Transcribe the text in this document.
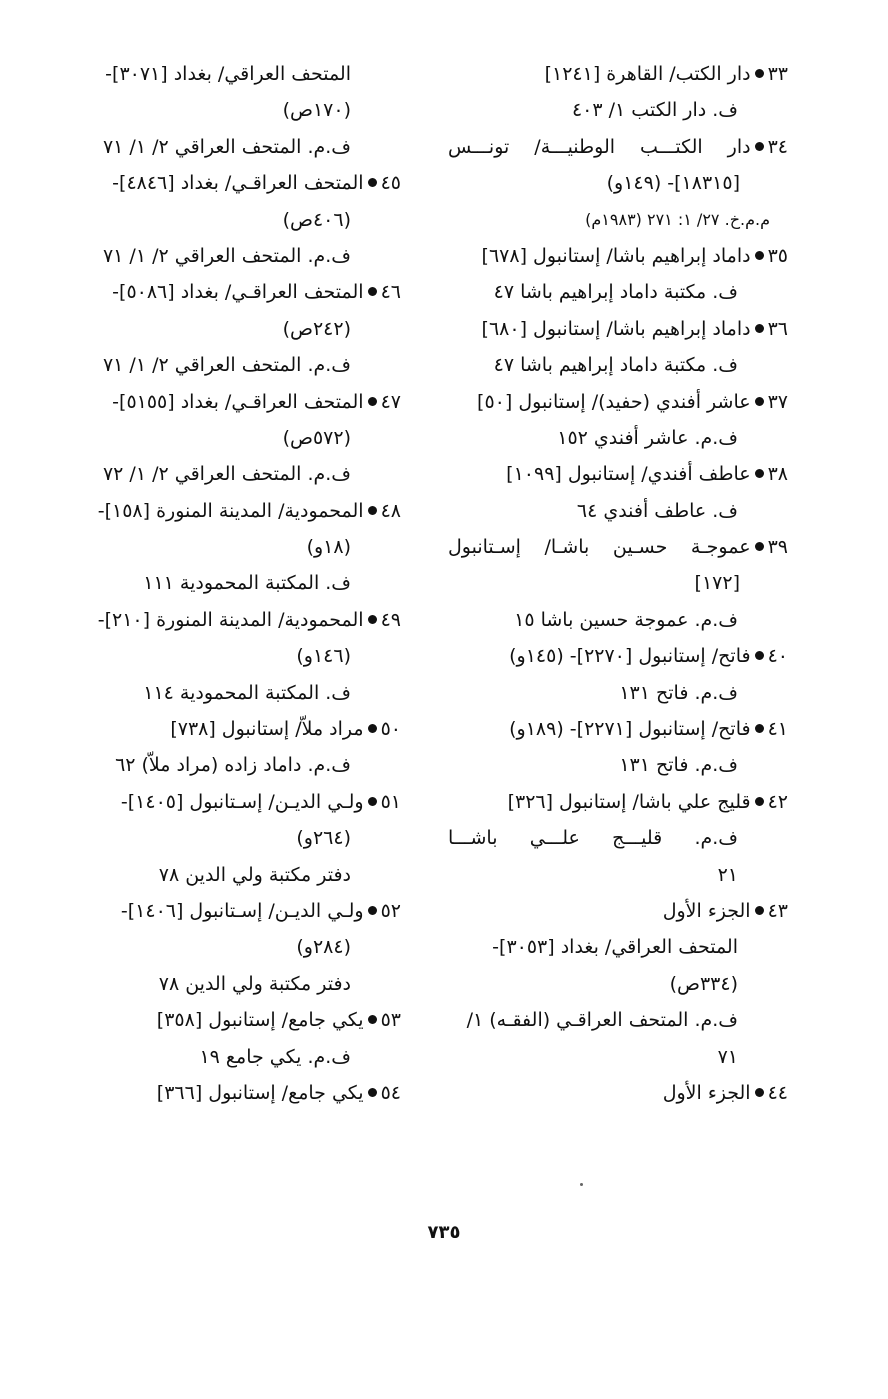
٣٣دار الكتب/ القاهرة [١٢٤١]
ف. دار الكتب ١/ ٤٠٣
٣٤دار الكتـــب الوطنيـــة/ تونـــس
[١٨٣١٥]- (١٤٩و)
م.م.خ. ٢٧/ ١: ٢٧١ (١٩٨٣م)
٣٥داماد إبراهيم باشا/ إستانبول [٦٧٨]
ف. مكتبة داماد إبراهيم باشا ٤٧
٣٦داماد إبراهيم باشا/ إستانبول [٦٨٠]
ف. مكتبة داماد إبراهيم باشا ٤٧
٣٧عاشر أفندي (حفيد)/ إستانبول [٥٠]
ف.م. عاشر أفندي ١٥٢
٣٨عاطف أفندي/ إستانبول [١٠٩٩]
ف. عاطف أفندي ٦٤
٣٩عموجـة حسـين باشـا/ إسـتانبول
[١٧٢]
ف.م. عموجة حسين باشا ١٥
٤٠فاتح/ إستانبول [٢٢٧٠]- (١٤٥و)
ف.م. فاتح ١٣١
٤١فاتح/ إستانبول [٢٢٧١]- (١٨٩و)
ف.م. فاتح ١٣١
٤٢قليج علي باشا/ إستانبول [٣٢٦]
ف.م. قليـــج علـــي باشـــا
٢١
٤٣الجزء الأول
المتحف العراقي/ بغداد [٣٠٥٣]-
(٣٣٤ص)
ف.م. المتحف العراقـي (الفقـه) ١/
٧١
٤٤الجزء الأول
المتحف العراقي/ بغداد [٣٠٧١]-
(١٧٠ص)
ف.م. المتحف العراقي ٢/ ١/ ٧١
٤٥المتحف العراقـي/ بغداد [٤٨٤٦]-
(٤٠٦ص)
ف.م. المتحف العراقي ٢/ ١/ ٧١
٤٦المتحف العراقـي/ بغداد [٥٠٨٦]-
(٢٤٢ص)
ف.م. المتحف العراقي ٢/ ١/ ٧١
٤٧المتحف العراقـي/ بغداد [٥١٥٥]-
(٥٧٢ص)
ف.م. المتحف العراقي ٢/ ١/ ٧٢
٤٨المحمودية/ المدينة المنورة [١٥٨]-
(١٨و)
ف. المكتبة المحمودية ١١١
٤٩المحمودية/ المدينة المنورة [٢١٠]-
(١٤٦و)
ف. المكتبة المحمودية ١١٤
٥٠مراد ملاّ/ إستانبول [٧٣٨]
ف.م. داماد زاده (مراد ملاّ) ٦٢
٥١ولـي الديـن/ إسـتانبول [١٤٠٥]-
(٢٦٤و)
دفتر مكتبة ولي الدين ٧٨
٥٢ولـي الديـن/ إسـتانبول [١٤٠٦]-
(٢٨٤و)
دفتر مكتبة ولي الدين ٧٨
٥٣يكي جامع/ إستانبول [٣٥٨]
ف.م. يكي جامع ١٩
٥٤يكي جامع/ إستانبول [٣٦٦]
٧٣٥
